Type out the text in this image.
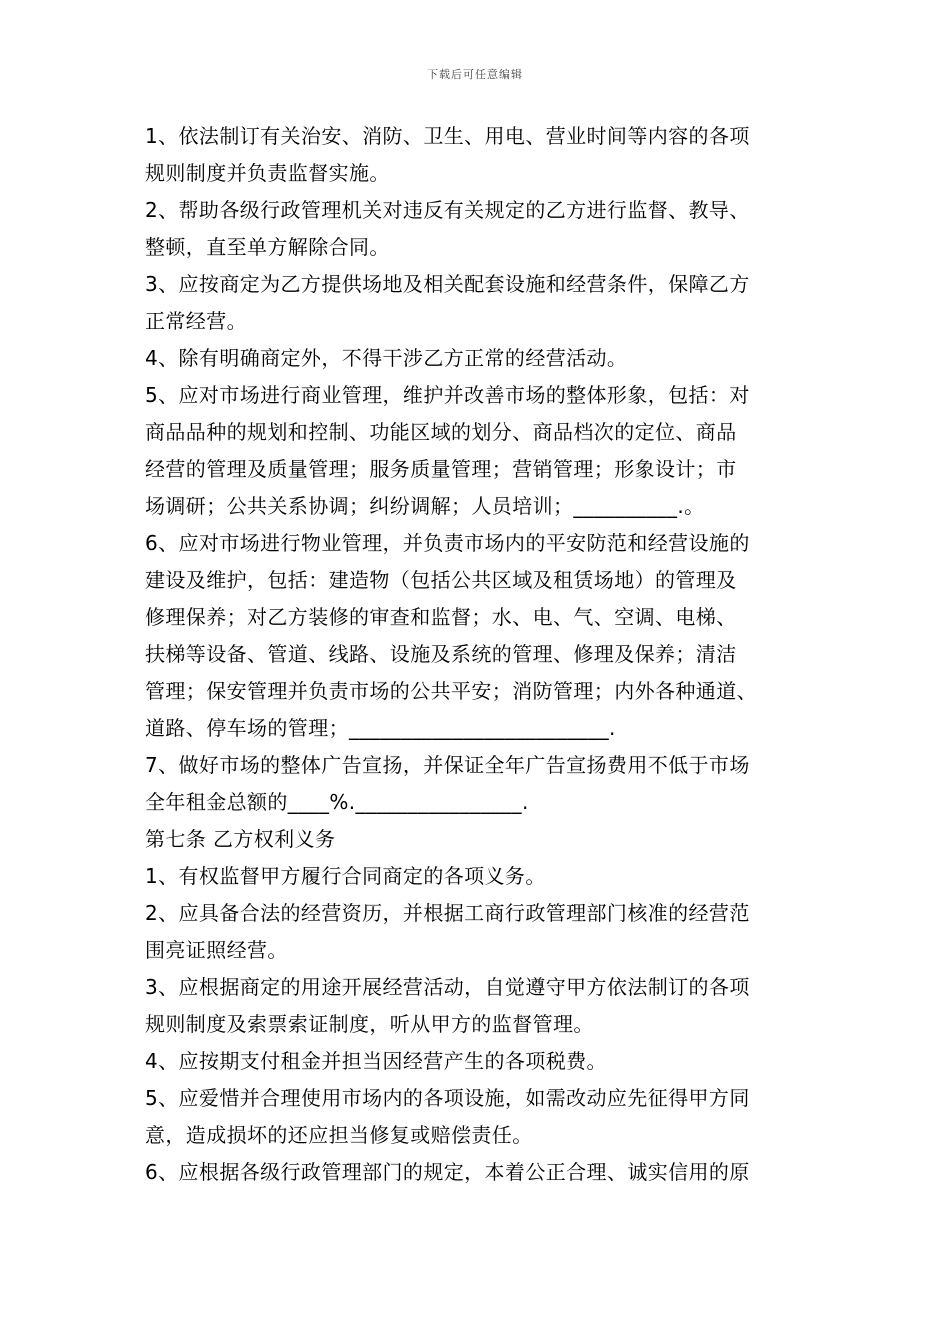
下载后可任意编辑
1、依法制订有关治安、消防、卫生、用电、营业时间等内容的各项
规则制度并负责监督实施。
2、帮助各级行政管理机关对违反有关规定的乙方进行监督、教导、
整顿，直至单方解除合同。
3、应按商定为乙方提供场地及相关配套设施和经营条件，保障乙方
正常经营。
4、除有明确商定外，不得干涉乙方正常的经营活动。
5、应对市场进行商业管理，维护并改善市场的整体形象，包括：对
商品品种的规划和控制、功能区域的划分、商品档次的定位、商品
经营的管理及质量管理；服务质量管理；营销管理；形象设计；市
场调研；公共关系协调；纠纷调解；人员培训；__________.。
6、应对市场进行物业管理，并负责市场内的平安防范和经营设施的
建设及维护，包括：建造物（包括公共区域及租赁场地）的管理及
修理保养；对乙方装修的审查和监督；水、电、气、空调、电梯、
扶梯等设备、管道、线路、设施及系统的管理、修理及保养；清洁
管理；保安管理并负责市场的公共平安；消防管理；内外各种通道、
道路、停车场的管理；_________________________.
7、做好市场的整体广告宣扬，并保证全年广告宣扬费用不低于市场
全年租金总额的____%.________________.
第七条 乙方权利义务
1、有权监督甲方履行合同商定的各项义务。
2、应具备合法的经营资历，并根据工商行政管理部门核准的经营范
围亮证照经营。
3、应根据商定的用途开展经营活动，自觉遵守甲方依法制订的各项
规则制度及索票索证制度，听从甲方的监督管理。
4、应按期支付租金并担当因经营产生的各项税费。
5、应爱惜并合理使用市场内的各项设施，如需改动应先征得甲方同
意，造成损坏的还应担当修复或赔偿责任。
6、应根据各级行政管理部门的规定，本着公正合理、诚实信用的原
